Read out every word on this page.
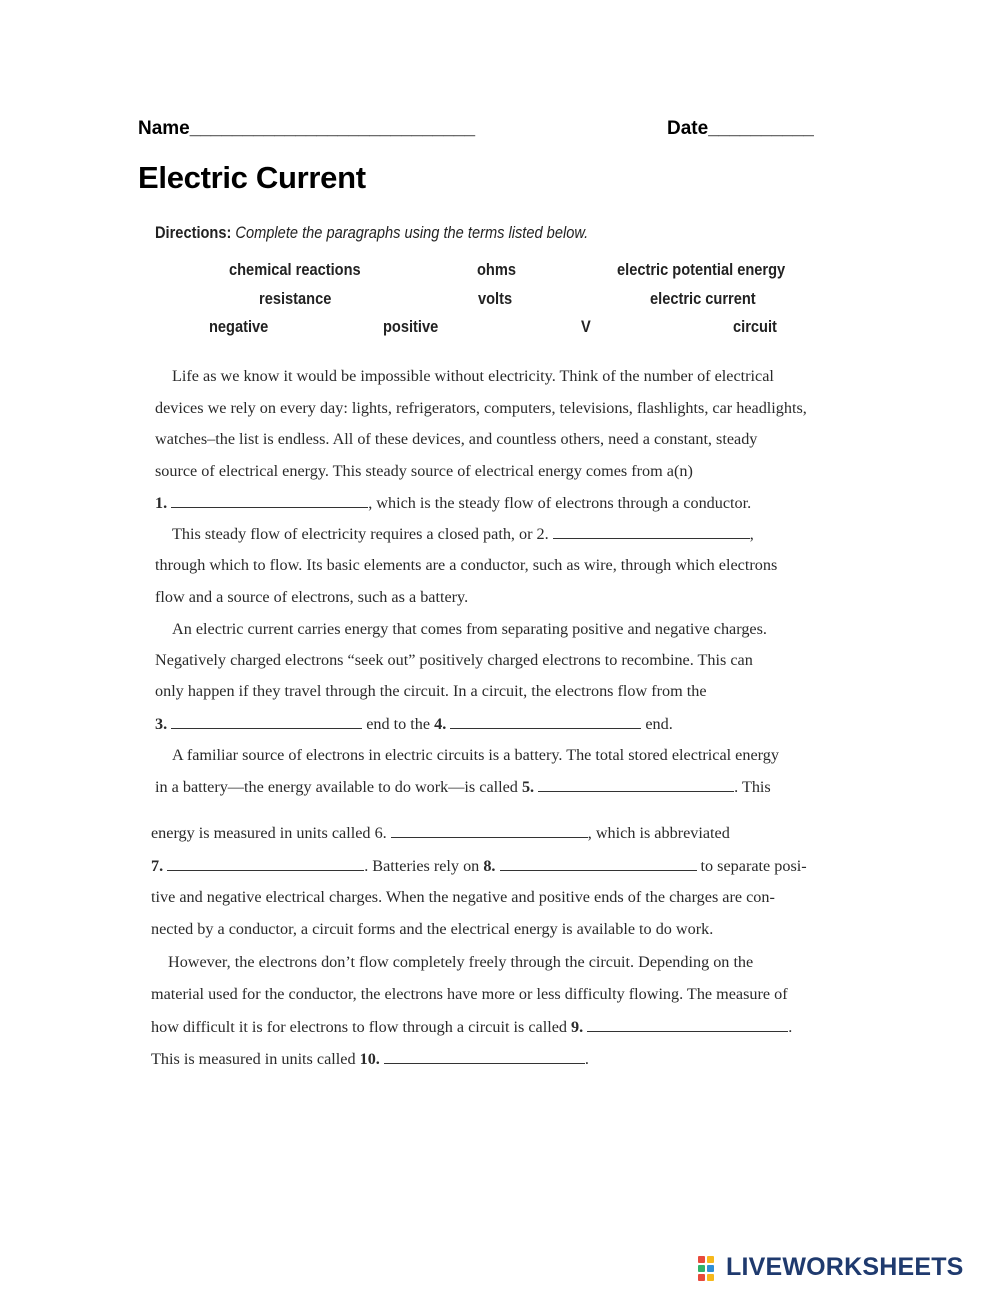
Name___________________________	Date__________
Electric Current
Directions: Complete the paragraphs using the terms listed below.
chemical reactions	ohms	electric potential energy
resistance	volts	electric current
negative	positive	V	circuit
Life as we know it would be impossible without electricity. Think of the number of electrical
devices we rely on every day: lights, refrigerators, computers, televisions, flashlights, car headlights,
watches–the list is endless. All of these devices, and countless others, need a constant, steady
source of electrical energy. This steady source of electrical energy comes from a(n)
1.	, which is the steady flow of electrons through a conductor.
This steady flow of electricity requires a closed path, or 2.	,
through which to flow. Its basic elements are a conductor, such as wire, through which electrons
flow and a source of electrons, such as a battery.
An electric current carries energy that comes from separating positive and negative charges.
Negatively charged electrons “seek out” positively charged electrons to recombine. This can
only happen if they travel through the circuit. In a circuit, the electrons flow from the
3.	end to the 4.	end.
A familiar source of electrons in electric circuits is a battery. The total stored electrical energy
in a battery—the energy available to do work—is called 5.	. This
energy is measured in units called 6.	, which is abbreviated
7.	. Batteries rely on 8.	to separate posi-
tive and negative electrical charges. When the negative and positive ends of the charges are con-
nected by a conductor, a circuit forms and the electrical energy is available to do work.
However, the electrons don’t flow completely freely through the circuit. Depending on the
material used for the conductor, the electrons have more or less difficulty flowing. The measure of
how difficult it is for electrons to flow through a circuit is called 9.	.
This is measured in units called 10.	.
LIVEWORKSHEETS
